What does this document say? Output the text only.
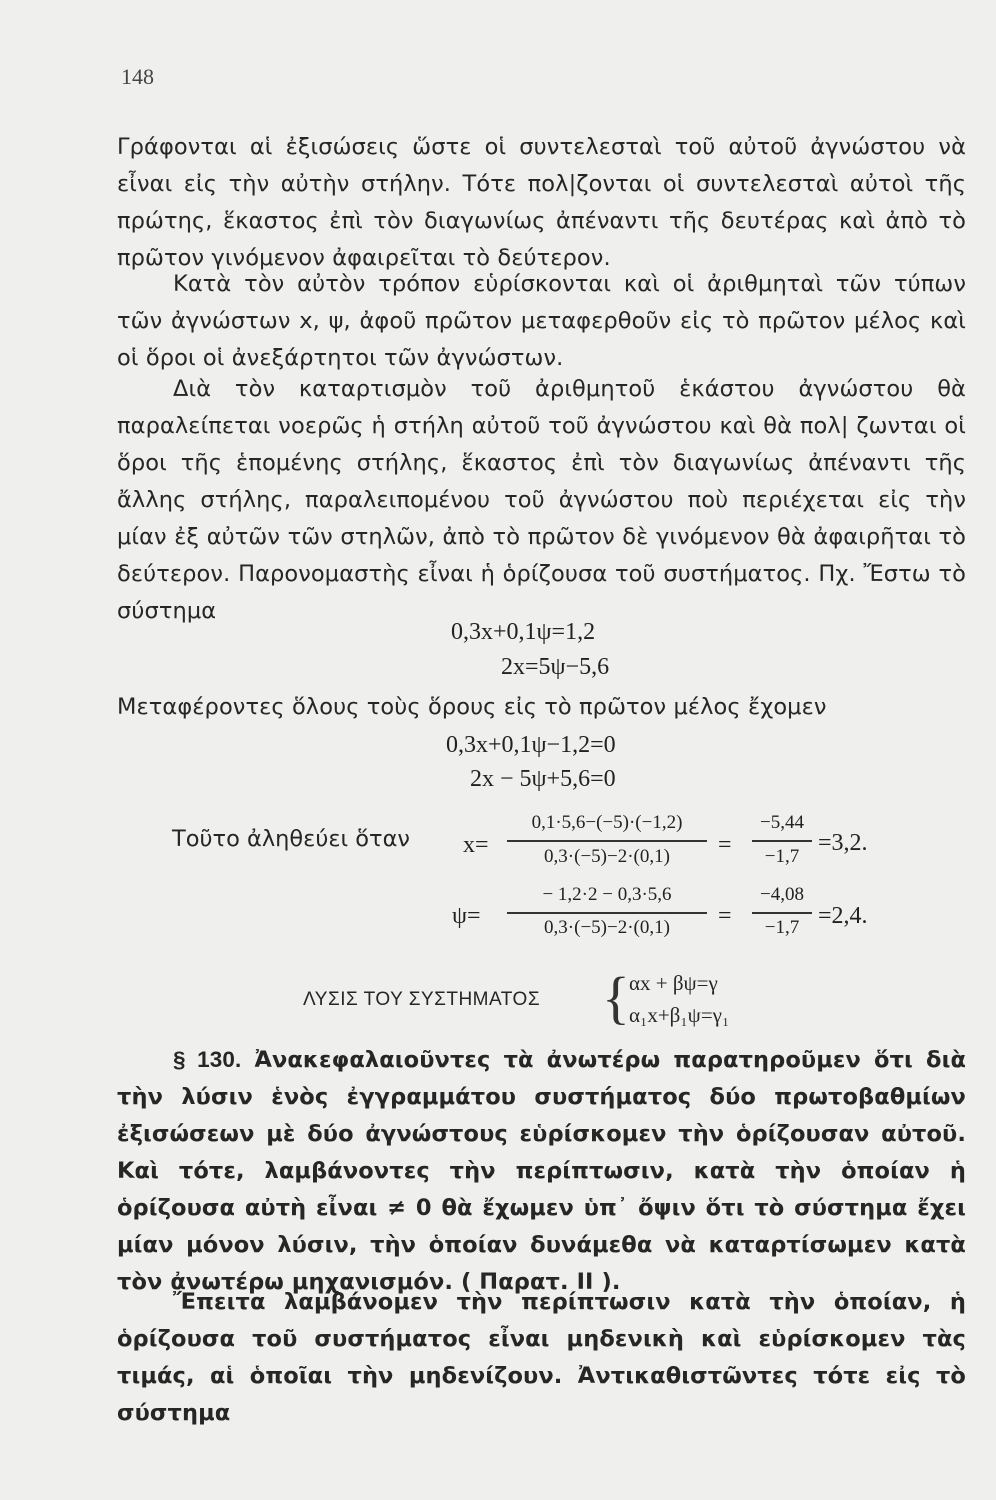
148

Γράφονται αἱ ἐξισώσεις ὥστε οἱ συντελεσταὶ τοῦ αὐτοῦ ἀγνώστου νὰ εἶναι εἰς τὴν αὐτὴν στήλην. Τότε πολ|ζονται οἱ συντελεσταὶ αὐτοὶ τῆς πρώτης, ἕκαστος ἐπὶ τὸν διαγωνίως ἀπέναντι τῆς δευτέρας καὶ ἀπὸ τὸ πρῶτον γινόμενον ἀφαιρεῖται τὸ δεύτερον.

Κατὰ τὸν αὐτὸν τρόπον εὑρίσκονται καὶ οἱ ἀριθμηταὶ τῶν τύπων τῶν ἀγνώστων x, ψ, ἀφοῦ πρῶτον μεταφερθοῦν εἰς τὸ πρῶτον μέλος καὶ οἱ ὅροι οἱ ἀνεξάρτητοι τῶν ἀγνώστων.

Διὰ τὸν καταρτισμὸν τοῦ ἀριθμητοῦ ἑκάστου ἀγνώστου θὰ παραλείπεται νοερῶς ἡ στήλη αὐτοῦ τοῦ ἀγνώστου καὶ θὰ πολ| ζωνται οἱ ὅροι τῆς ἑπομένης στήλης, ἕκαστος ἐπὶ τὸν διαγωνίως ἀπέναντι τῆς ἄλλης στήλης, παραλειπομένου τοῦ ἀγνώστου ποὺ περιέχεται εἰς τὴν μίαν ἐξ αὐτῶν τῶν στηλῶν, ἀπὸ τὸ πρῶτον δὲ γινόμενον θὰ ἀφαιρῆται τὸ δεύτερον. Παρονομαστὴς εἶναι ἡ ὁρίζουσα τοῦ συστήματος. Πχ. Ἔστω τὸ σύστημα

0,3x+0,1ψ=1,2
2x=5ψ−5,6

Μεταφέροντες ὅλους τοὺς ὅρους εἰς τὸ πρῶτον μέλος ἔχομεν

0,3x+0,1ψ−1,2=0
2x − 5ψ+5,6=0
Τοῦτο ἀληθεύει ὅταν x=
0,1·5,6−(−5)·(−1,2)
0,3·(−5)−2·(0,1)	=
−5,44
−1,7
=3,2.
ψ=
− 1,2·2 − 0,3·5,6
0,3·(−5)−2·(0,1)	=
−4,08
−1,7 =2,4.
ΛΥΣΙΣ ΤΟΥ ΣΥΣΤΗΜΑΤΟΣ { αx + βψ=γ
α₁x+β₁ψ=γ₁

§ 130. Ἀνακεφαλαιοῦντες τὰ ἀνωτέρω παρατηροῦμεν ὅτι διὰ τὴν λύσιν ἑνὸς ἐγγραμμάτου συστήματος δύο πρωτοβαθμίων ἐξισώσεων μὲ δύο ἀγνώστους εὑρίσκομεν τὴν ὁρίζουσαν αὐτοῦ. Καὶ τότε, λαμβάνοντες τὴν περίπτωσιν, κατὰ τὴν ὁποίαν ἡ ὁρίζουσα αὐτὴ εἶναι ≠ 0 θὰ ἔχωμεν ὑπ᾽ ὄψιν ὅτι τὸ σύστημα ἔχει μίαν μόνον λύσιν, τὴν ὁποίαν δυνάμεθα νὰ καταρτίσωμεν κατὰ τὸν ἀνωτέρω μηχανισμόν. ( Παρατ. ΙΙ ).

Ἔπειτα λαμβάνομεν τὴν περίπτωσιν κατὰ τὴν ὁποίαν, ἡ ὁρίζουσα τοῦ συστήματος εἶναι μηδενικὴ καὶ εὑρίσκομεν τὰς τιμάς, αἱ ὁποῖαι τὴν μηδενίζουν. Ἀντικαθιστῶντες τότε εἰς τὸ σύστημα
